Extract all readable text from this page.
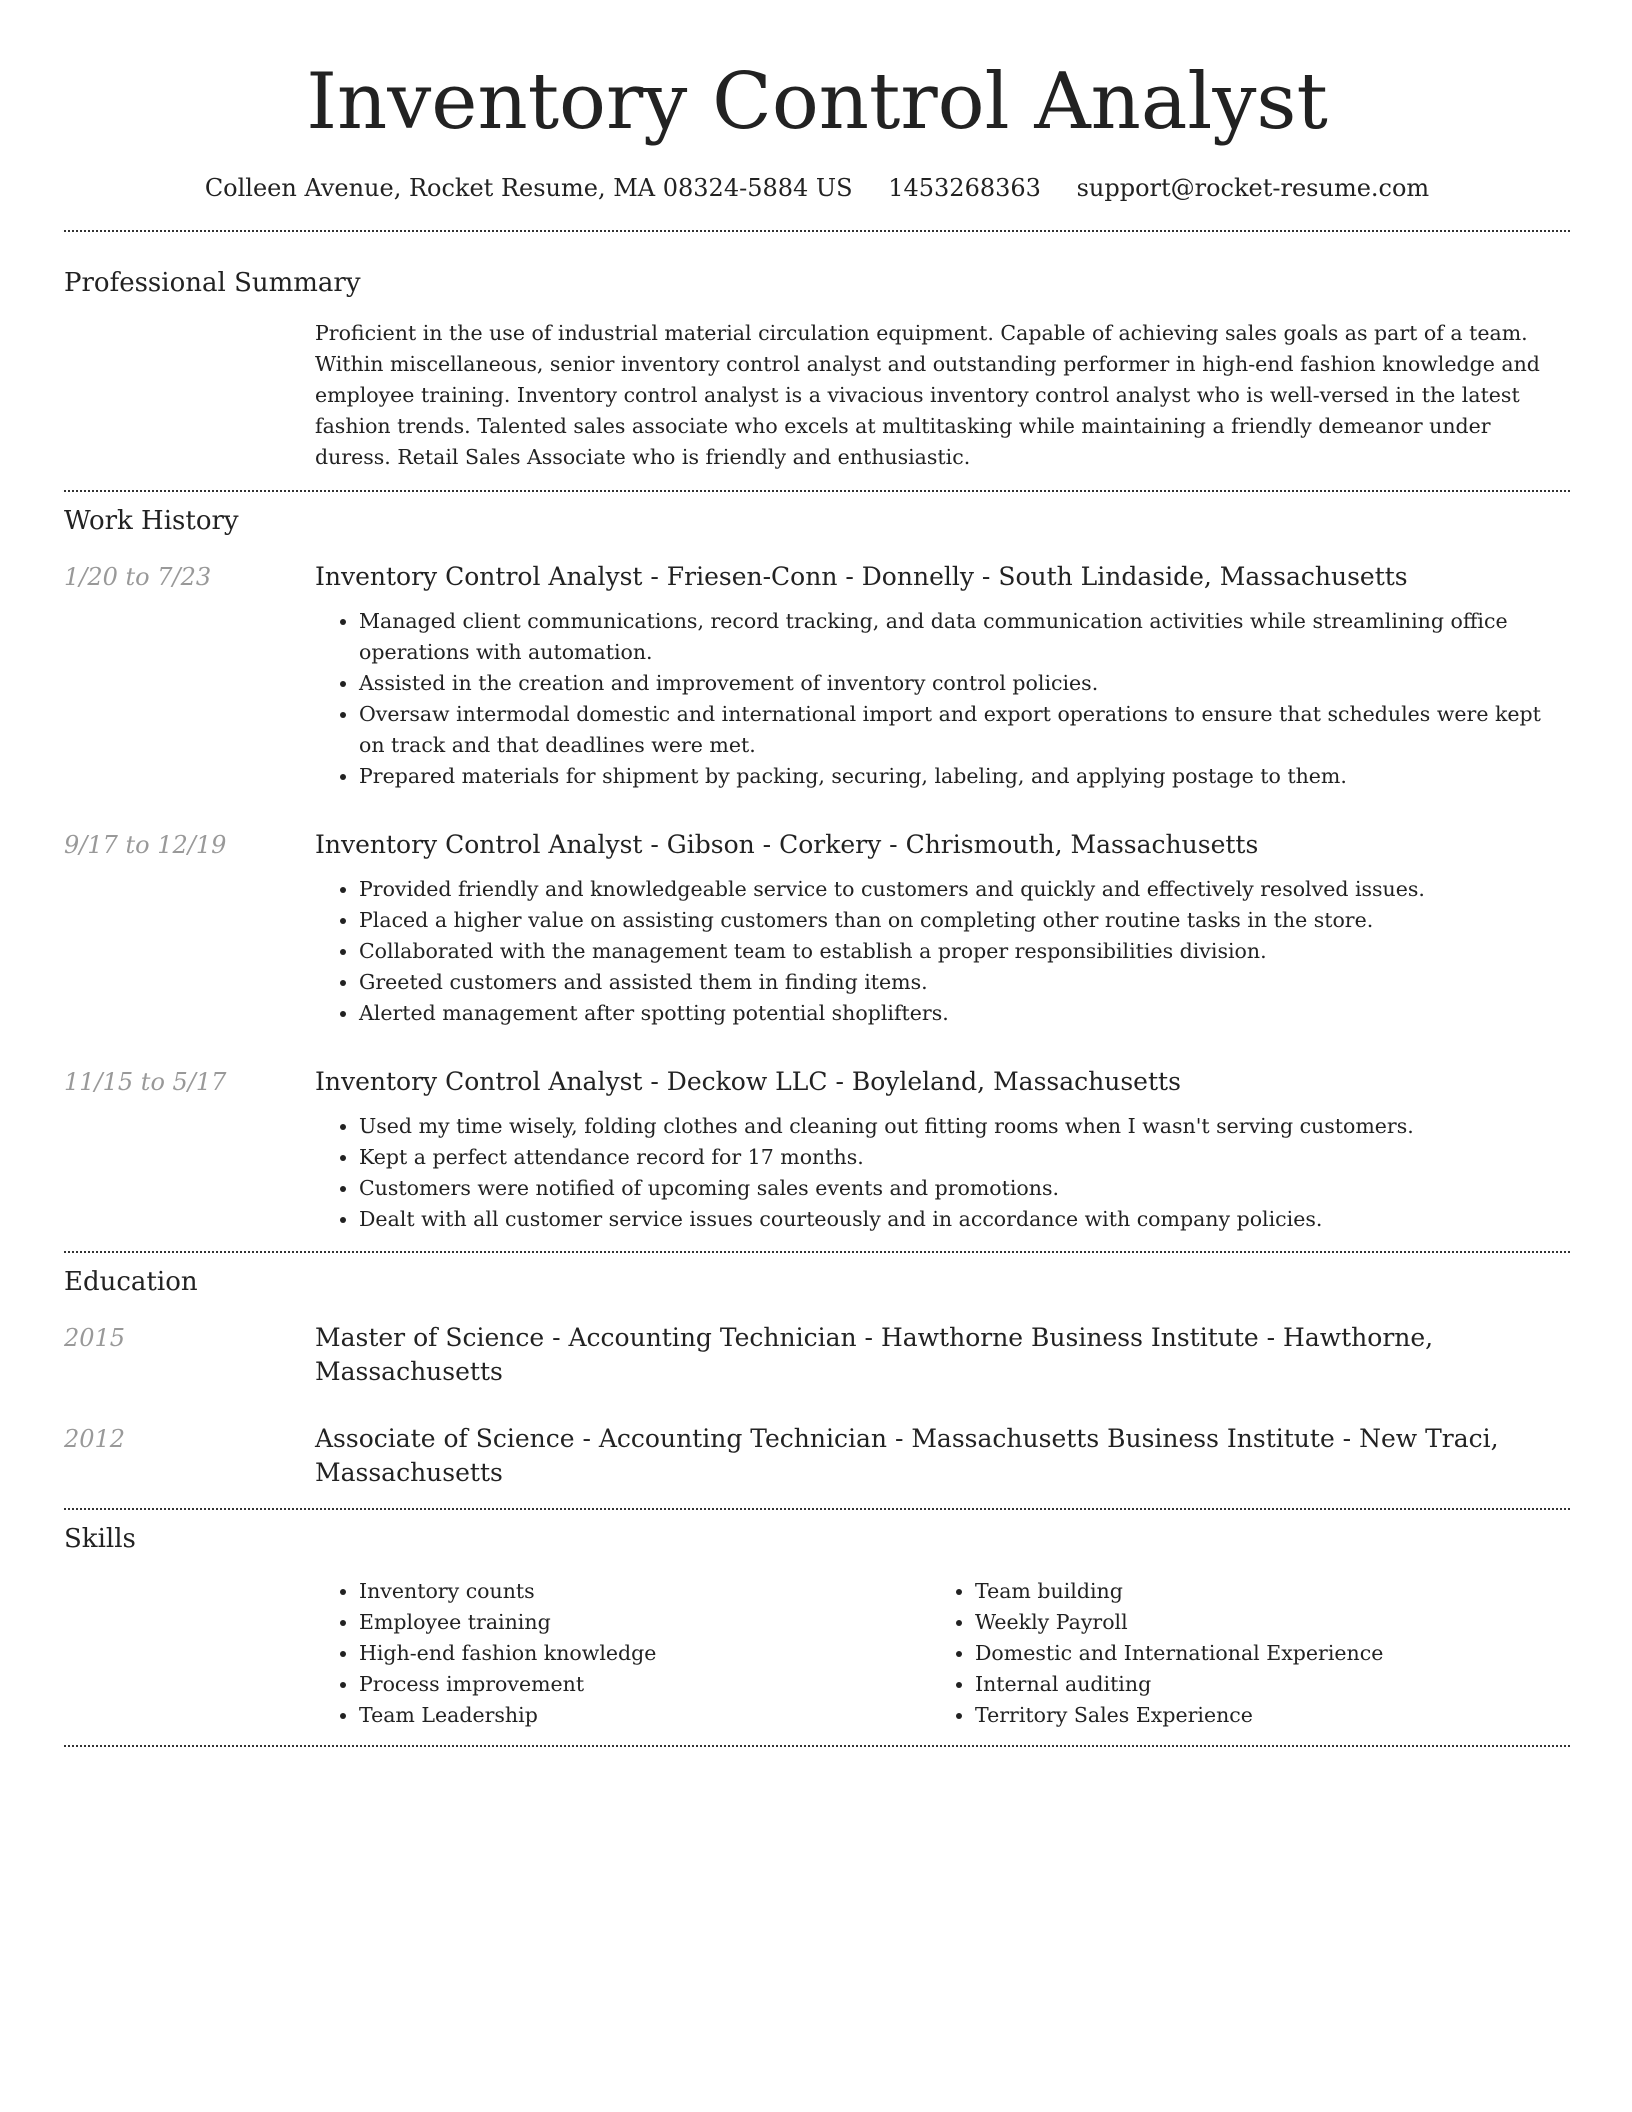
Inventory Control Analyst
Colleen Avenue, Rocket Resume, MA 08324-5884 US 1453268363 support@rocket-resume.com
Professional Summary
Proficient in the use of industrial material circulation equipment. Capable of achieving sales goals as part of a team. Within miscellaneous, senior inventory control analyst and outstanding performer in high-end fashion knowledge and employee training. Inventory control analyst is a vivacious inventory control analyst who is well-versed in the latest fashion trends. Talented sales associate who excels at multitasking while maintaining a friendly demeanor under duress. Retail Sales Associate who is friendly and enthusiastic.
Work History
1/20 to 7/23	Inventory Control Analyst - Friesen-Conn - Donnelly - South Lindaside, Massachusetts
• Managed client communications, record tracking, and data communication activities while streamlining office operations with automation.
• Assisted in the creation and improvement of inventory control policies.
• Oversaw intermodal domestic and international import and export operations to ensure that schedules were kept on track and that deadlines were met.
• Prepared materials for shipment by packing, securing, labeling, and applying postage to them.
9/17 to 12/19	Inventory Control Analyst - Gibson - Corkery - Chrismouth, Massachusetts
• Provided friendly and knowledgeable service to customers and quickly and effectively resolved issues.
• Placed a higher value on assisting customers than on completing other routine tasks in the store.
• Collaborated with the management team to establish a proper responsibilities division.
• Greeted customers and assisted them in finding items.
• Alerted management after spotting potential shoplifters.
11/15 to 5/17	Inventory Control Analyst - Deckow LLC - Boyleland, Massachusetts
• Used my time wisely, folding clothes and cleaning out fitting rooms when I wasn't serving customers.
• Kept a perfect attendance record for 17 months.
• Customers were notified of upcoming sales events and promotions.
• Dealt with all customer service issues courteously and in accordance with company policies.
Education
2015	Master of Science - Accounting Technician - Hawthorne Business Institute - Hawthorne, Massachusetts
2012	Associate of Science - Accounting Technician - Massachusetts Business Institute - New Traci, Massachusetts
Skills
• Inventory counts
• Employee training
• High-end fashion knowledge
• Process improvement
• Team Leadership
• Team building
• Weekly Payroll
• Domestic and International Experience
• Internal auditing
• Territory Sales Experience
